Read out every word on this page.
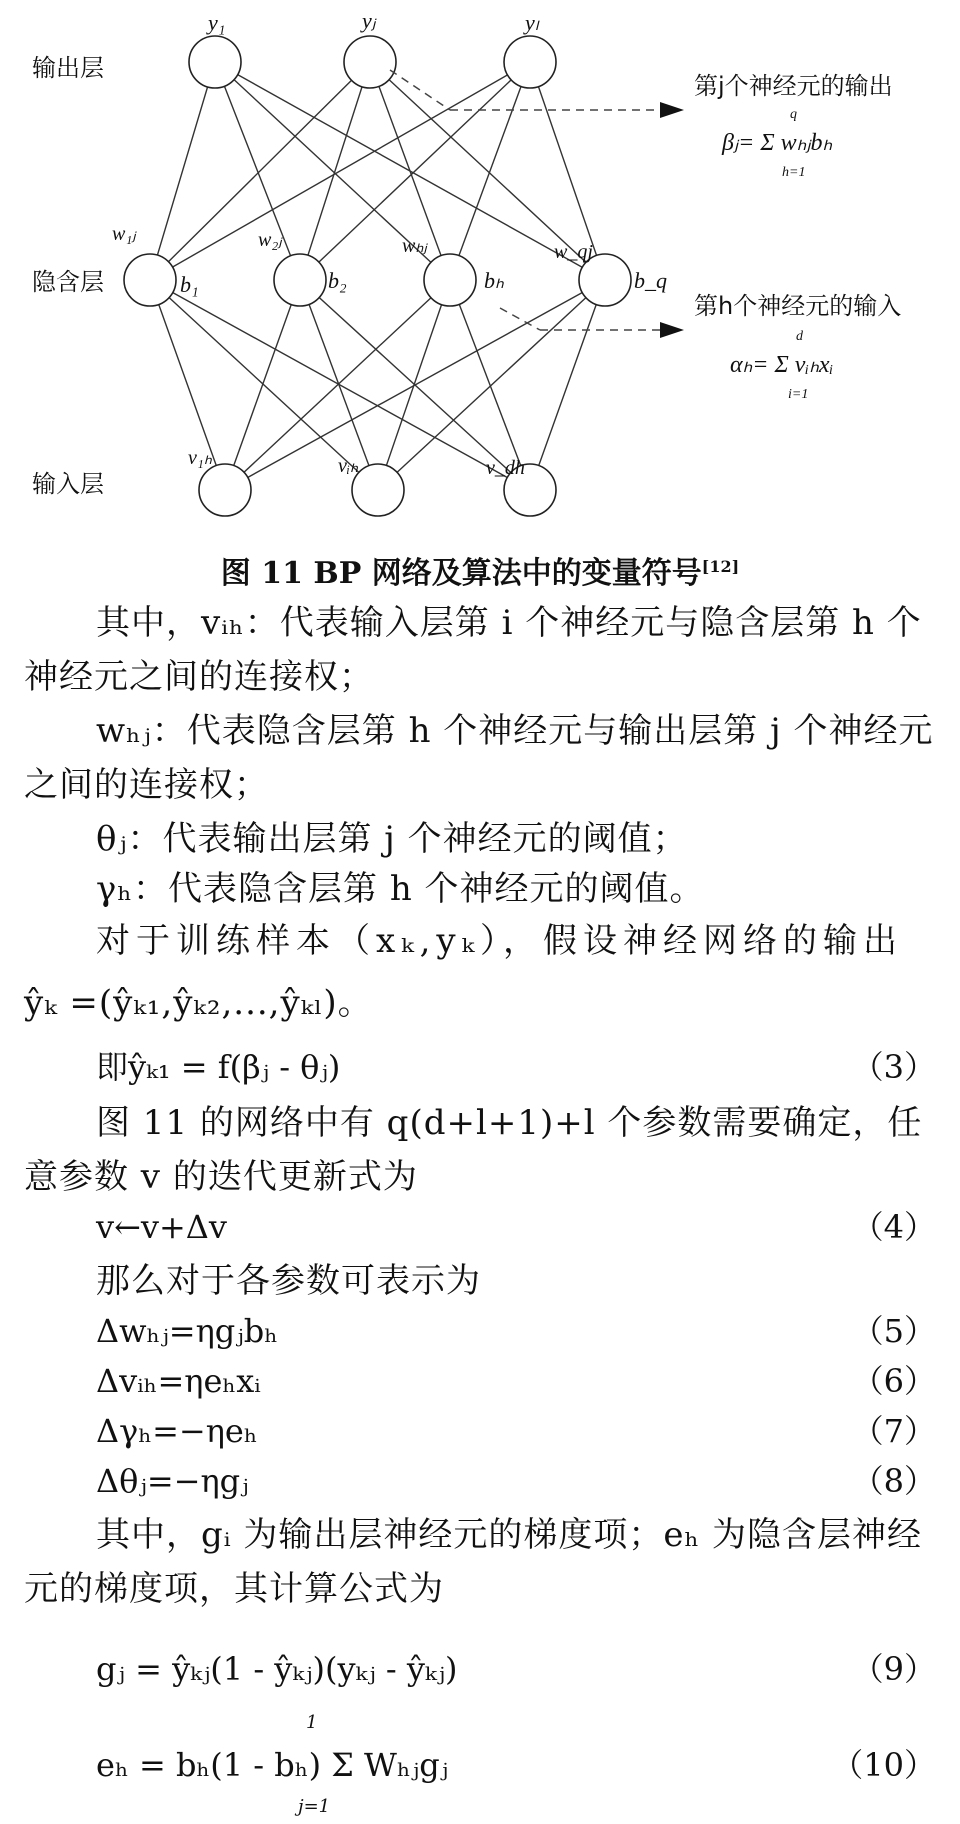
输出层
隐含层
输入层
y₁	yⱼ	yₗ
b₁	b₂	bₕ	b_q
w₁ⱼ	w₂ⱼ	wₕⱼ	w_qj
v₁ₕ	vᵢₕ	v_dh
第j个神经元的输出
βⱼ= Σ wₕⱼbₕ
q
h=1
第h个神经元的输入
αₕ= Σ vᵢₕxᵢ
d
i=1
图 11 BP 网络及算法中的变量符号[12]
其中，vᵢₕ：代表输入层第 i 个神经元与隐含层第 h 个神经元之间的连接权；
wₕⱼ：代表隐含层第 h 个神经元与输出层第 j 个神经元之间的连接权；
θⱼ：代表输出层第 j 个神经元的阈值；
γₕ：代表隐含层第 h 个神经元的阈值。
对于训练样本（xₖ,yₖ），假设神经网络的输出
ŷₖ =(ŷₖ₁,ŷₖ₂,...,ŷₖₗ)。
即ŷₖ₁ = f(βⱼ - θⱼ)	（3）
图 11 的网络中有 q(d+l+1)+l 个参数需要确定，任意参数 v 的迭代更新式为
v←v+Δv	（4）
那么对于各参数可表示为
Δwₕⱼ=ηgⱼbₕ	（5）
Δvᵢₕ=ηeₕxᵢ	（6）
Δγₕ=−ηeₕ	（7）
Δθⱼ=−ηgⱼ	（8）
其中，gᵢ 为输出层神经元的梯度项；eₕ 为隐含层神经元的梯度项，其计算公式为
gⱼ = ŷₖⱼ(1 - ŷₖⱼ)(yₖⱼ - ŷₖⱼ)	（9）
eₕ = bₕ(1 - bₕ) Σ Wₕⱼgⱼ	（10）
1
j=1
